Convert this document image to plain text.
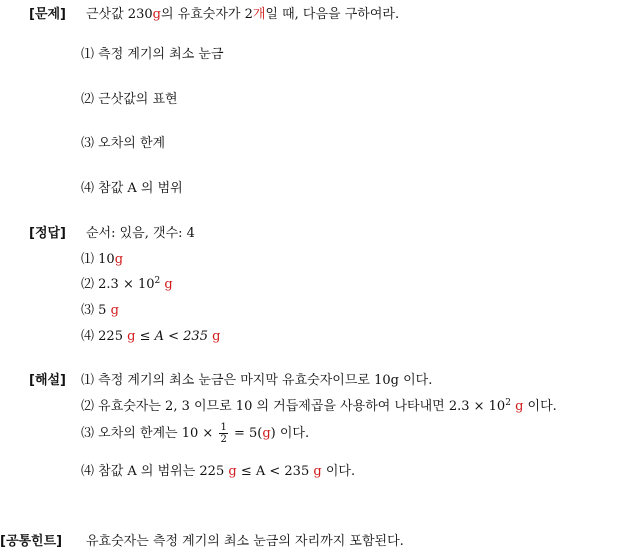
[문제] 근삿값 230g의 유효숫자가 2개일 때, 다음을 구하여라.
⑴ 측정 계기의 최소 눈금
⑵ 근삿값의 표현
⑶ 오차의 한계
⑷ 참값 A 의 범위
[정답] 순서: 있음, 갯수: 4
⑴ 10g
⑵ $2.3 \times 10^2$ g
⑶ 5 g
⑷ 225 g ≤ A < 235 g
[해설] ⑴ 측정 계기의 최소 눈금은 마지막 유효숫자이므로 10g 이다.
⑵ 유효숫자는 2, 3 이므로 10 의 거듭제곱을 사용하여 나타내면 $2.3 \times 10^2$ g 이다.
⑶ 오차의 한계는 $10 \times \frac{1}{2} = 5(g)$ 이다.
⑷ 참값 A 의 범위는 225 g ≤ A < 235 g 이다.
[공통힌트] 유효숫자는 측정 계기의 최소 눈금의 자리까지 포함된다.
